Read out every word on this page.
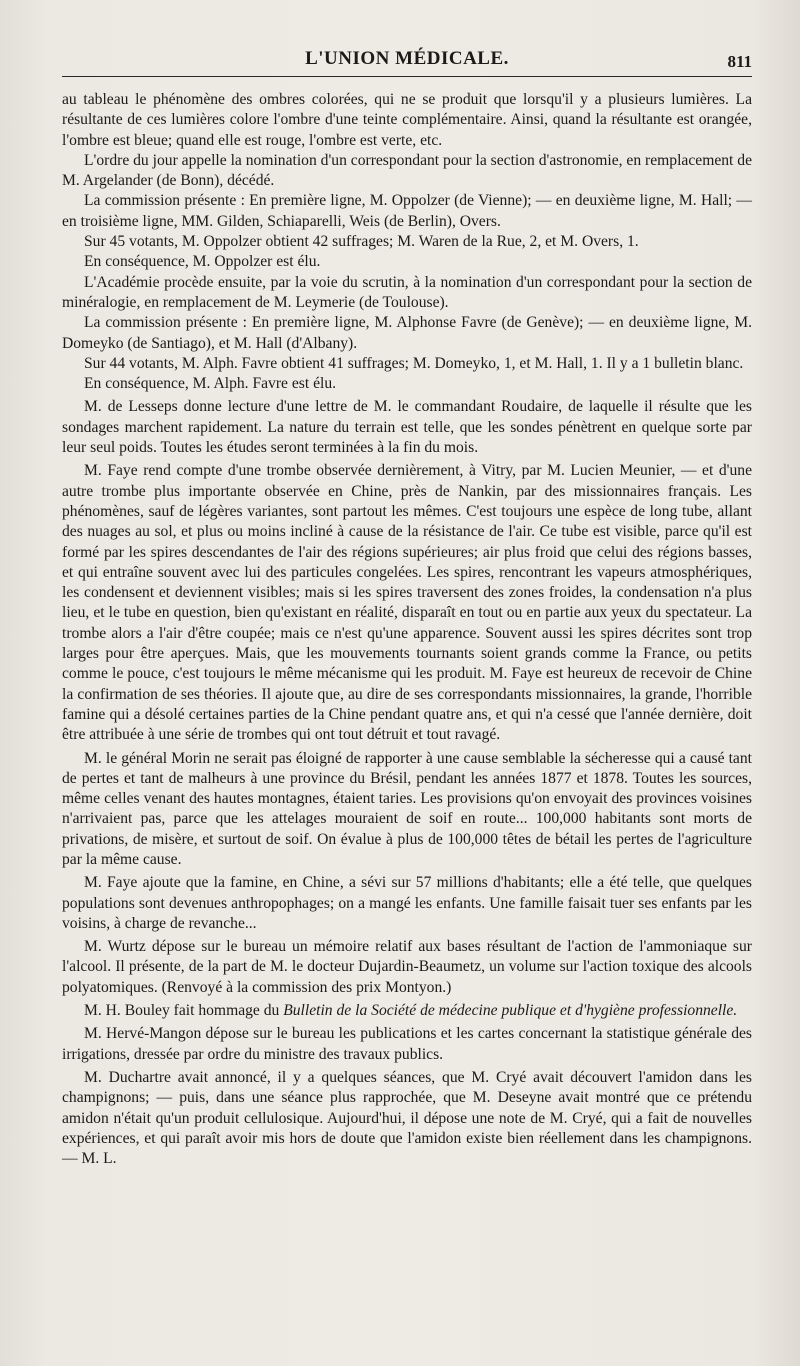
L'UNION MÉDICALE.	811

au tableau le phénomène des ombres colorées, qui ne se produit que lorsqu'il y a plusieurs lumières. La résultante de ces lumières colore l'ombre d'une teinte complémentaire. Ainsi, quand la résultante est orangée, l'ombre est bleue; quand elle est rouge, l'ombre est verte, etc.

L'ordre du jour appelle la nomination d'un correspondant pour la section d'astronomie, en remplacement de M. Argelander (de Bonn), décédé.

La commission présente : En première ligne, M. Oppolzer (de Vienne); — en deuxième ligne, M. Hall; — en troisième ligne, MM. Gilden, Schiaparelli, Weis (de Berlin), Overs.

Sur 45 votants, M. Oppolzer obtient 42 suffrages; M. Waren de la Rue, 2, et M. Overs, 1.

En conséquence, M. Oppolzer est élu.

L'Académie procède ensuite, par la voie du scrutin, à la nomination d'un correspondant pour la section de minéralogie, en remplacement de M. Leymerie (de Toulouse).

La commission présente : En première ligne, M. Alphonse Favre (de Genève); — en deuxième ligne, M. Domeyko (de Santiago), et M. Hall (d'Albany).

Sur 44 votants, M. Alph. Favre obtient 41 suffrages; M. Domeyko, 1, et M. Hall, 1. Il y a 1 bulletin blanc.

En conséquence, M. Alph. Favre est élu.

M. de Lesseps donne lecture d'une lettre de M. le commandant Roudaire, de laquelle il résulte que les sondages marchent rapidement. La nature du terrain est telle, que les sondes pénètrent en quelque sorte par leur seul poids. Toutes les études seront terminées à la fin du mois.

M. Faye rend compte d'une trombe observée dernièrement, à Vitry, par M. Lucien Meunier, — et d'une autre trombe plus importante observée en Chine, près de Nankin, par des missionnaires français. Les phénomènes, sauf de légères variantes, sont partout les mêmes. C'est toujours une espèce de long tube, allant des nuages au sol, et plus ou moins incliné à cause de la résistance de l'air. Ce tube est visible, parce qu'il est formé par les spires descendantes de l'air des régions supérieures; air plus froid que celui des régions basses, et qui entraîne souvent avec lui des particules congelées. Les spires, rencontrant les vapeurs atmosphériques, les condensent et deviennent visibles; mais si les spires traversent des zones froides, la condensation n'a plus lieu, et le tube en question, bien qu'existant en réalité, disparaît en tout ou en partie aux yeux du spectateur. La trombe alors a l'air d'être coupée; mais ce n'est qu'une apparence. Souvent aussi les spires décrites sont trop larges pour être aperçues. Mais, que les mouvements tournants soient grands comme la France, ou petits comme le pouce, c'est toujours le même mécanisme qui les produit. M. Faye est heureux de recevoir de Chine la confirmation de ses théories. Il ajoute que, au dire de ses correspondants missionnaires, la grande, l'horrible famine qui a désolé certaines parties de la Chine pendant quatre ans, et qui n'a cessé que l'année dernière, doit être attribuée à une série de trombes qui ont tout détruit et tout ravagé.

M. le général Morin ne serait pas éloigné de rapporter à une cause semblable la sécheresse qui a causé tant de pertes et tant de malheurs à une province du Brésil, pendant les années 1877 et 1878. Toutes les sources, même celles venant des hautes montagnes, étaient taries. Les provisions qu'on envoyait des provinces voisines n'arrivaient pas, parce que les attelages mouraient de soif en route... 100,000 habitants sont morts de privations, de misère, et surtout de soif. On évalue à plus de 100,000 têtes de bétail les pertes de l'agriculture par la même cause.

M. Faye ajoute que la famine, en Chine, a sévi sur 57 millions d'habitants; elle a été telle, que quelques populations sont devenues anthropophages; on a mangé les enfants. Une famille faisait tuer ses enfants par les voisins, à charge de revanche...

M. Wurtz dépose sur le bureau un mémoire relatif aux bases résultant de l'action de l'ammoniaque sur l'alcool. Il présente, de la part de M. le docteur Dujardin-Beaumetz, un volume sur l'action toxique des alcools polyatomiques. (Renvoyé à la commission des prix Montyon.)

M. H. Bouley fait hommage du Bulletin de la Société de médecine publique et d'hygiène professionnelle.

M. Hervé-Mangon dépose sur le bureau les publications et les cartes concernant la statistique générale des irrigations, dressée par ordre du ministre des travaux publics.

M. Duchartre avait annoncé, il y a quelques séances, que M. Cryé avait découvert l'amidon dans les champignons; — puis, dans une séance plus rapprochée, que M. Deseyne avait montré que ce prétendu amidon n'était qu'un produit cellulosique. Aujourd'hui, il dépose une note de M. Cryé, qui a fait de nouvelles expériences, et qui paraît avoir mis hors de doute que l'amidon existe bien réellement dans les champignons. — M. L.
